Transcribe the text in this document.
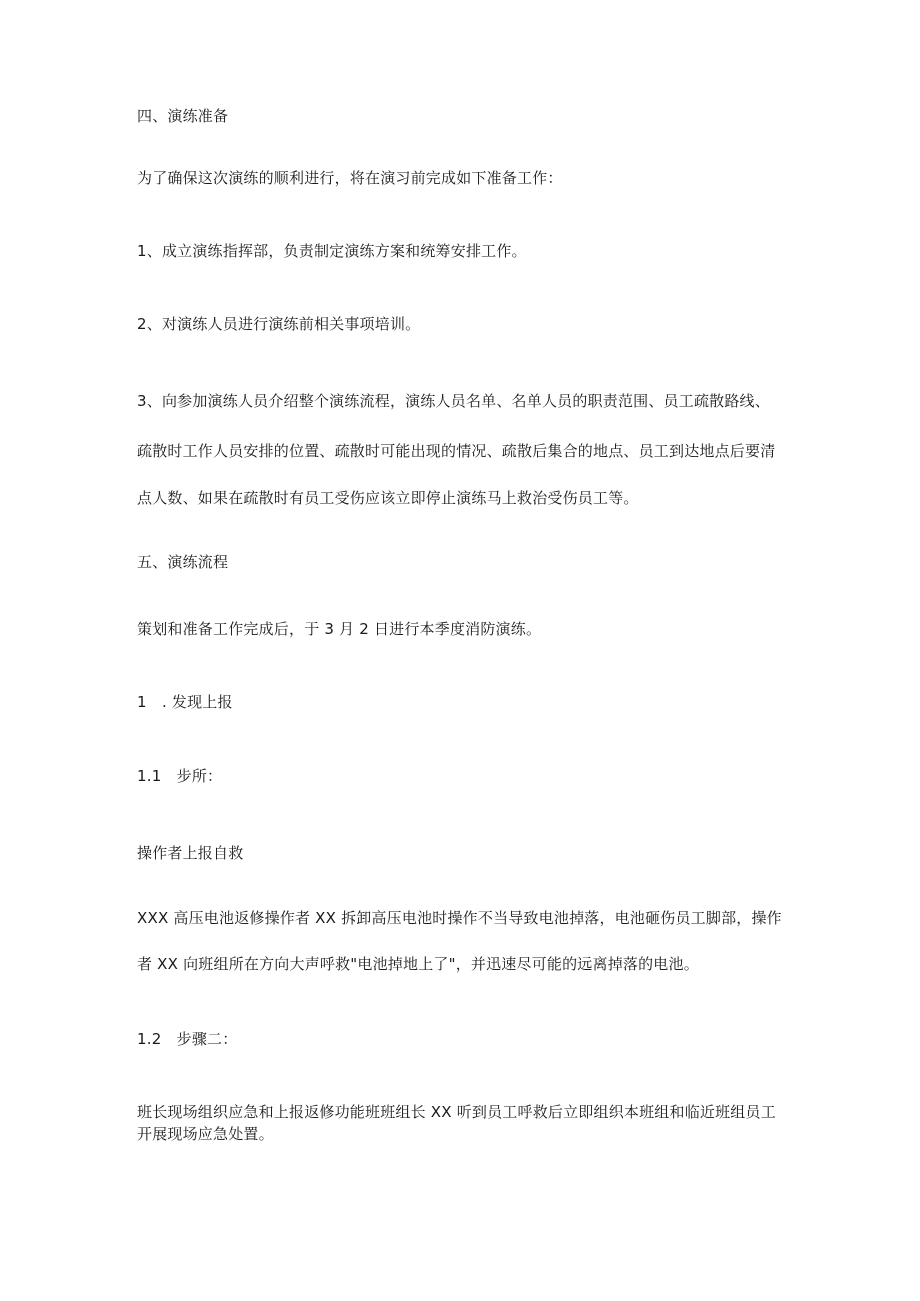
四、演练准备
为了确保这次演练的顺利进行，将在演习前完成如下准备工作：
1、成立演练指挥部，负责制定演练方案和统筹安排工作。
2、对演练人员进行演练前相关事项培训。
3、向参加演练人员介绍整个演练流程，演练人员名单、名单人员的职责范围、员工疏散路线、
疏散时工作人员安排的位置、疏散时可能出现的情况、疏散后集合的地点、员工到达地点后要清
点人数、如果在疏散时有员工受伤应该立即停止演练马上救治受伤员工等。
五、演练流程
策划和准备工作完成后，于 3 月 2 日进行本季度消防演练。
1　. 发现上报
1.1　步所：
操作者上报自救
XXX 高压电池返修操作者 XX 拆卸高压电池时操作不当导致电池掉落，电池砸伤员工脚部，操作
者 XX 向班组所在方向大声呼救"电池掉地上了"，并迅速尽可能的远离掉落的电池。
1.2　步骤二：
班长现场组织应急和上报返修功能班班组长 XX 听到员工呼救后立即组织本班组和临近班组员工
开展现场应急处置。
